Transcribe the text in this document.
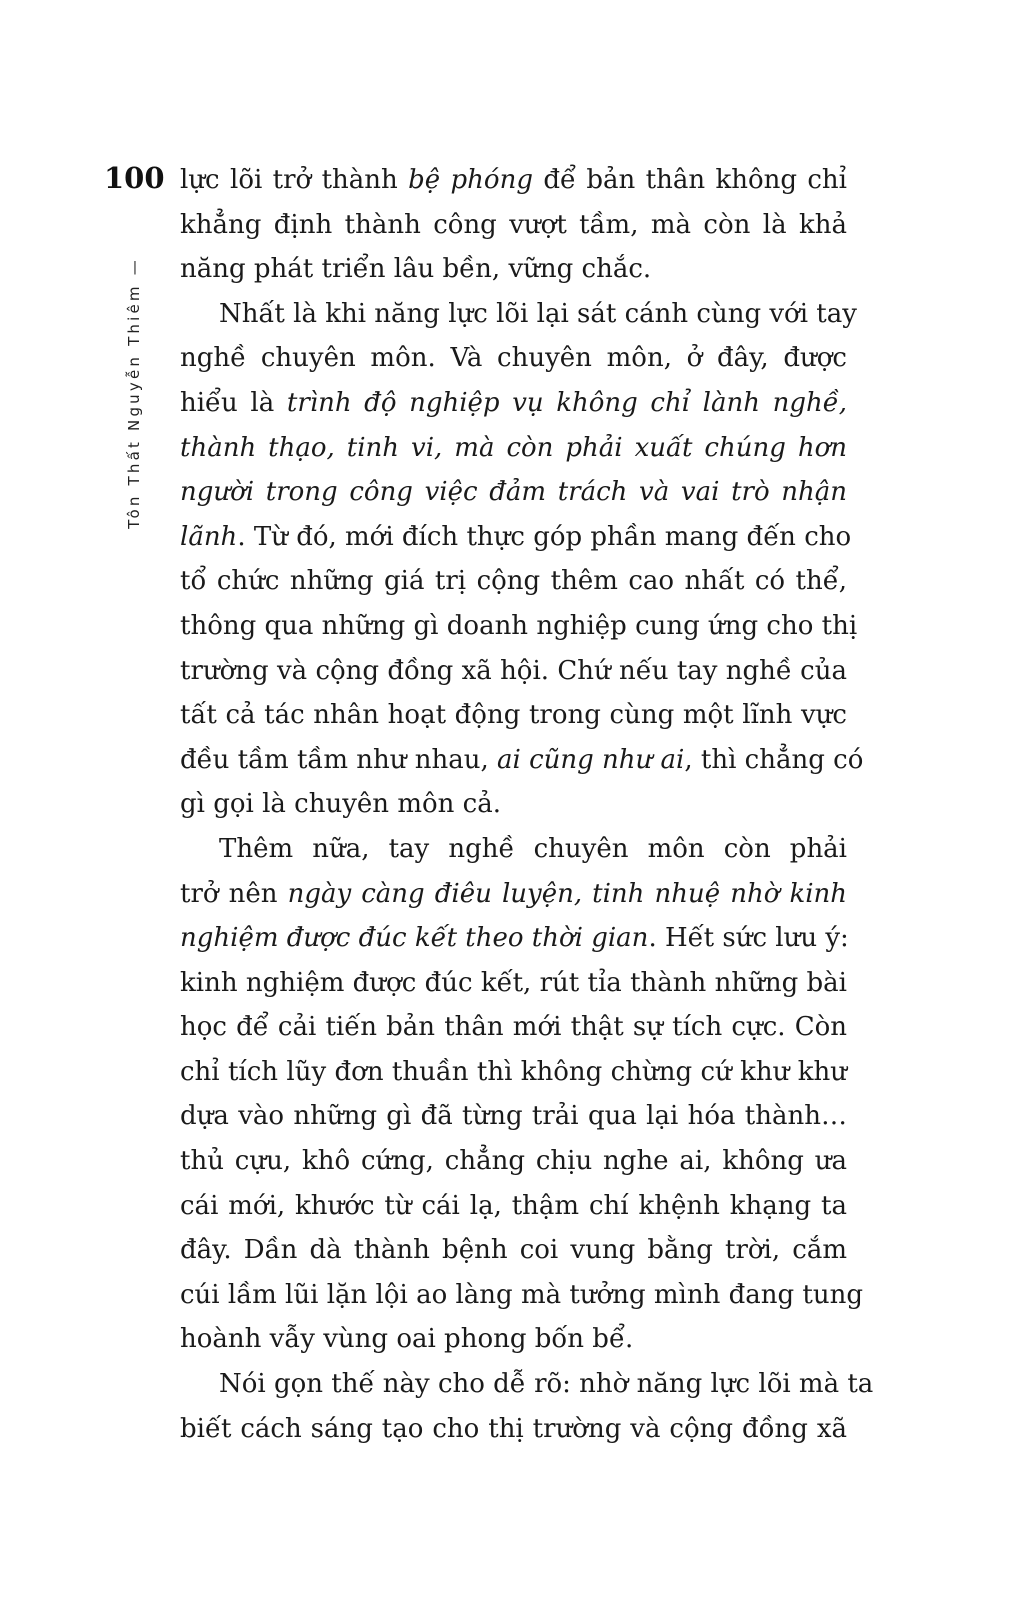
100
Tôn Thất Nguyễn Thiêm —

lực lõi trở thành bệ phóng để bản thân không chỉ
khẳng định thành công vượt tầm, mà còn là khả
năng phát triển lâu bền, vững chắc.

Nhất là khi năng lực lõi lại sát cánh cùng với tay
nghề chuyên môn. Và chuyên môn, ở đây, được
hiểu là trình độ nghiệp vụ không chỉ lành nghề,
thành thạo, tinh vi, mà còn phải xuất chúng hơn
người trong công việc đảm trách và vai trò nhận
lãnh. Từ đó, mới đích thực góp phần mang đến cho
tổ chức những giá trị cộng thêm cao nhất có thể,
thông qua những gì doanh nghiệp cung ứng cho thị
trường và cộng đồng xã hội. Chứ nếu tay nghề của
tất cả tác nhân hoạt động trong cùng một lĩnh vực
đều tầm tầm như nhau, ai cũng như ai, thì chẳng có
gì gọi là chuyên môn cả.

Thêm nữa, tay nghề chuyên môn còn phải
trở nên ngày càng điêu luyện, tinh nhuệ nhờ kinh
nghiệm được đúc kết theo thời gian. Hết sức lưu ý:
kinh nghiệm được đúc kết, rút tỉa thành những bài
học để cải tiến bản thân mới thật sự tích cực. Còn
chỉ tích lũy đơn thuần thì không chừng cứ khư khư
dựa vào những gì đã từng trải qua lại hóa thành…
thủ cựu, khô cứng, chẳng chịu nghe ai, không ưa
cái mới, khước từ cái lạ, thậm chí khệnh khạng ta
đây. Dần dà thành bệnh coi vung bằng trời, cắm
cúi lầm lũi lặn lội ao làng mà tưởng mình đang tung
hoành vẫy vùng oai phong bốn bể.

Nói gọn thế này cho dễ rõ: nhờ năng lực lõi mà ta
biết cách sáng tạo cho thị trường và cộng đồng xã
